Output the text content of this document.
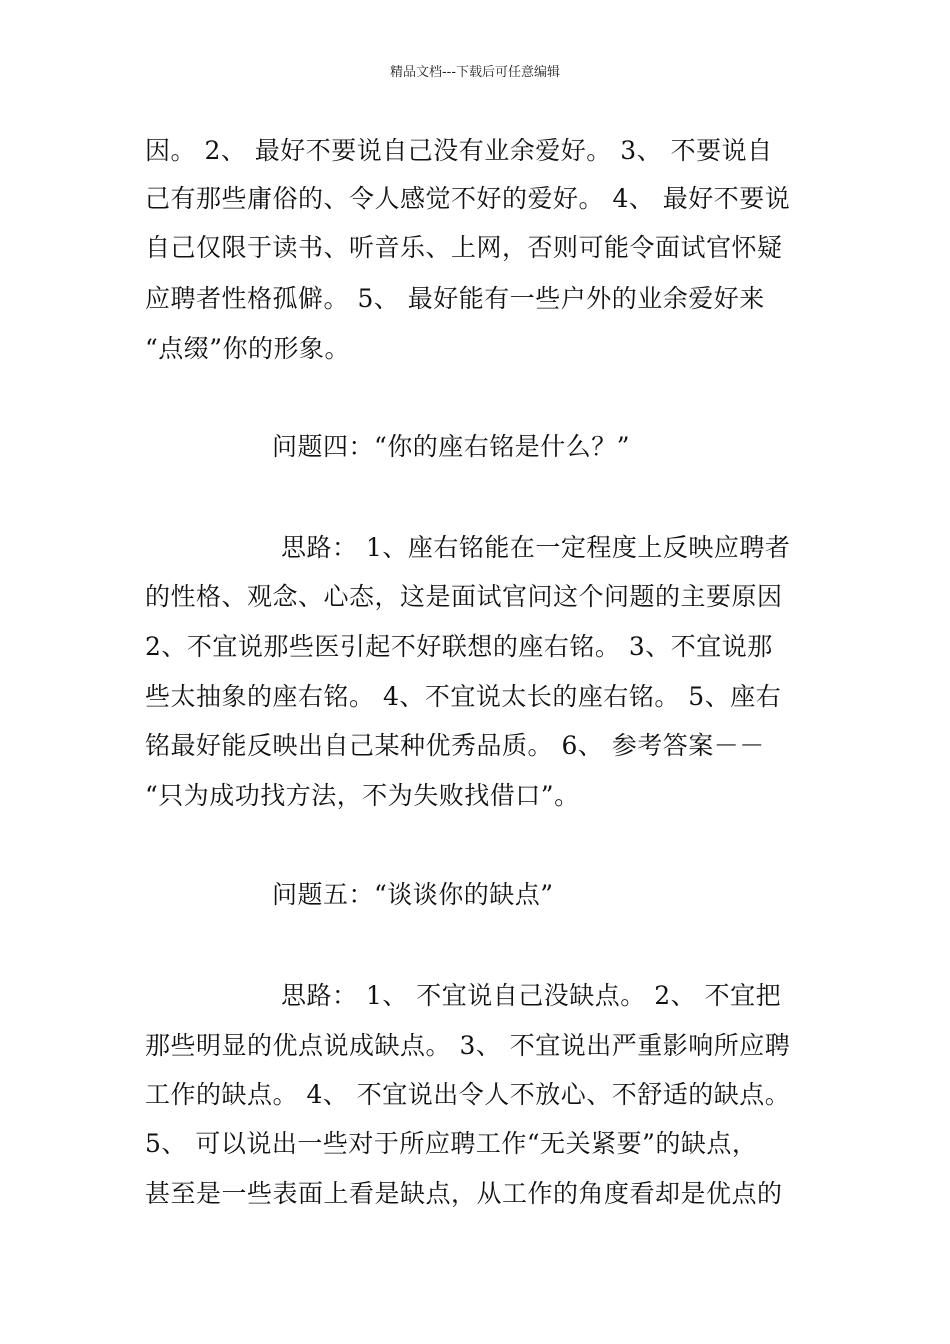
精品文档---下载后可任意编辑
因。 2、 最好不要说自己没有业余爱好。 3、 不要说自
己有那些庸俗的、令人感觉不好的爱好。 4、 最好不要说
自己仅限于读书、听音乐、上网，否则可能令面试官怀疑
应聘者性格孤僻。 5、 最好能有一些户外的业余爱好来
“点缀”你的形象。
问题四：“你的座右铭是什么？”
思路： 1、座右铭能在一定程度上反映应聘者
的性格、观念、心态，这是面试官问这个问题的主要原因
2、不宜说那些医引起不好联想的座右铭。 3、不宜说那
些太抽象的座右铭。 4、不宜说太长的座右铭。 5、座右
铭最好能反映出自己某种优秀品质。 6、 参考答案－－
“只为成功找方法，不为失败找借口”。
问题五：“谈谈你的缺点”
思路： 1、 不宜说自己没缺点。 2、 不宜把
那些明显的优点说成缺点。 3、 不宜说出严重影响所应聘
工作的缺点。 4、 不宜说出令人不放心、不舒适的缺点。
5、 可以说出一些对于所应聘工作“无关紧要”的缺点，
甚至是一些表面上看是缺点，从工作的角度看却是优点的
